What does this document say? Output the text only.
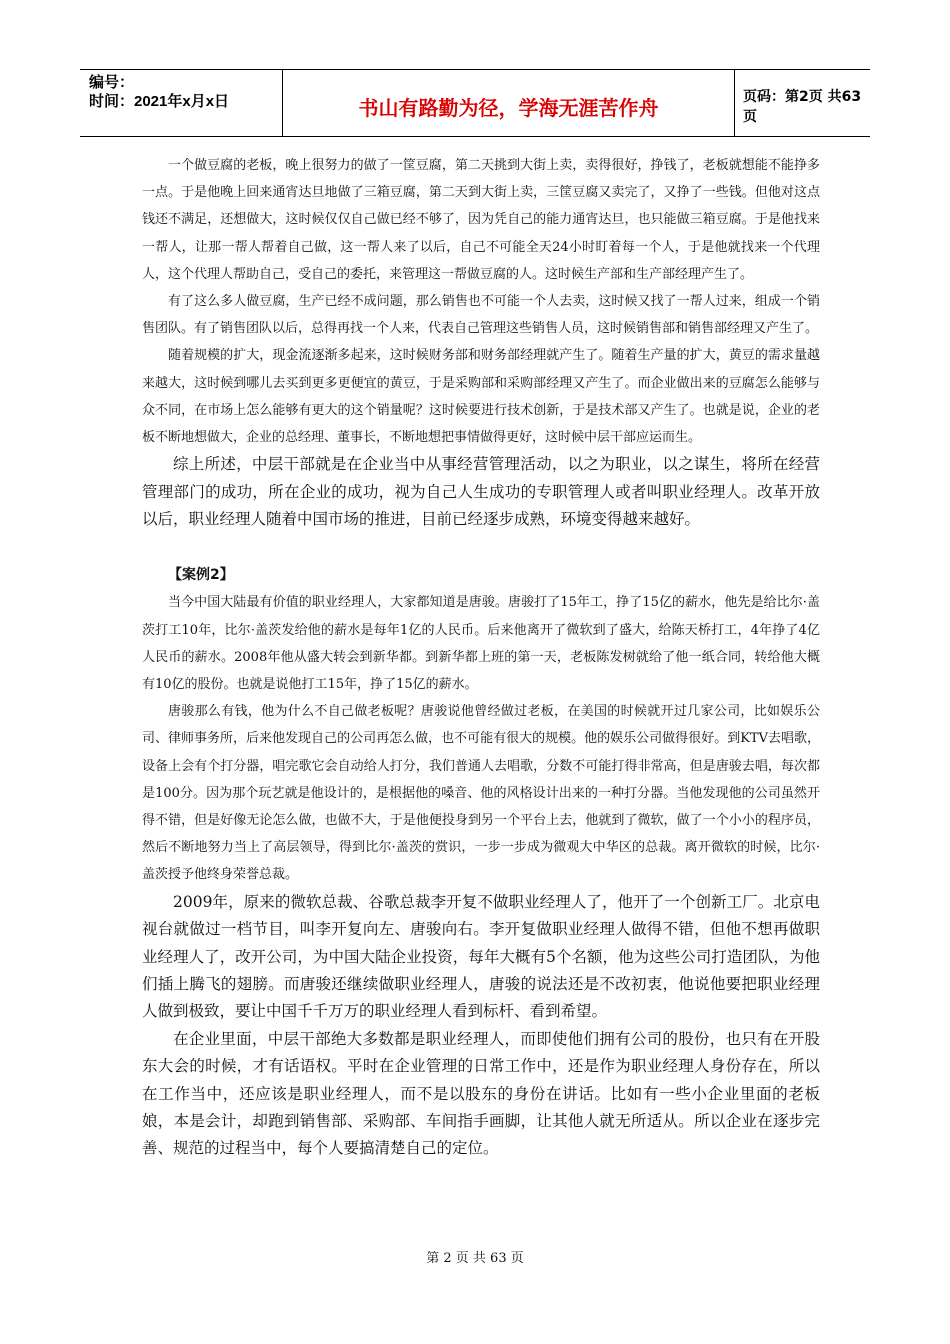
编号：
时间：2021年x月x日	书山有路勤为径，学海无涯苦作舟	页码：第2页 共63页

一个做豆腐的老板，晚上很努力的做了一筐豆腐，第二天挑到大街上卖，卖得很好，挣钱了，老板就想能不能挣多一点。于是他晚上回来通宵达旦地做了三箱豆腐，第二天到大街上卖，三筐豆腐又卖完了，又挣了一些钱。但他对这点钱还不满足，还想做大，这时候仅仅自己做已经不够了，因为凭自己的能力通宵达旦，也只能做三箱豆腐。于是他找来一帮人，让那一帮人帮着自己做，这一帮人来了以后，自己不可能全天24小时盯着每一个人，于是他就找来一个代理人，这个代理人帮助自己，受自己的委托，来管理这一帮做豆腐的人。这时候生产部和生产部经理产生了。

有了这么多人做豆腐，生产已经不成问题，那么销售也不可能一个人去卖，这时候又找了一帮人过来，组成一个销售团队。有了销售团队以后，总得再找一个人来，代表自己管理这些销售人员，这时候销售部和销售部经理又产生了。

随着规模的扩大，现金流逐渐多起来，这时候财务部和财务部经理就产生了。随着生产量的扩大，黄豆的需求量越来越大，这时候到哪儿去买到更多更便宜的黄豆，于是采购部和采购部经理又产生了。而企业做出来的豆腐怎么能够与众不同，在市场上怎么能够有更大的这个销量呢？这时候要进行技术创新，于是技术部又产生了。也就是说，企业的老板不断地想做大，企业的总经理、董事长，不断地想把事情做得更好，这时候中层干部应运而生。

综上所述，中层干部就是在企业当中从事经营管理活动，以之为职业，以之谋生，将所在经营管理部门的成功，所在企业的成功，视为自己人生成功的专职管理人或者叫职业经理人。改革开放以后，职业经理人随着中国市场的推进，目前已经逐步成熟，环境变得越来越好。

【案例2】

当今中国大陆最有价值的职业经理人，大家都知道是唐骏。唐骏打了15年工，挣了15亿的薪水，他先是给比尔·盖茨打工10年，比尔·盖茨发给他的薪水是每年1亿的人民币。后来他离开了微软到了盛大，给陈天桥打工，4年挣了4亿人民币的薪水。2008年他从盛大转会到新华都。到新华都上班的第一天，老板陈发树就给了他一纸合同，转给他大概有10亿的股份。也就是说他打工15年，挣了15亿的薪水。

唐骏那么有钱，他为什么不自己做老板呢？唐骏说他曾经做过老板，在美国的时候就开过几家公司，比如娱乐公司、律师事务所，后来他发现自己的公司再怎么做，也不可能有很大的规模。他的娱乐公司做得很好。到KTV去唱歌，设备上会有个打分器，唱完歌它会自动给人打分，我们普通人去唱歌，分数不可能打得非常高，但是唐骏去唱，每次都是100分。因为那个玩艺就是他设计的，是根据他的嗓音、他的风格设计出来的一种打分器。当他发现他的公司虽然开得不错，但是好像无论怎么做，也做不大，于是他便投身到另一个平台上去，他就到了微软，做了一个小小的程序员，然后不断地努力当上了高层领导，得到比尔·盖茨的赏识，一步一步成为微观大中华区的总裁。离开微软的时候，比尔·盖茨授予他终身荣誉总裁。

2009年，原来的微软总裁、谷歌总裁李开复不做职业经理人了，他开了一个创新工厂。北京电视台就做过一档节目，叫李开复向左、唐骏向右。李开复做职业经理人做得不错，但他不想再做职业经理人了，改开公司，为中国大陆企业投资，每年大概有5个名额，他为这些公司打造团队，为他们插上腾飞的翅膀。而唐骏还继续做职业经理人，唐骏的说法还是不改初衷，他说他要把职业经理人做到极致，要让中国千千万万的职业经理人看到标杆、看到希望。

在企业里面，中层干部绝大多数都是职业经理人，而即使他们拥有公司的股份，也只有在开股东大会的时候，才有话语权。平时在企业管理的日常工作中，还是作为职业经理人身份存在，所以在工作当中，还应该是职业经理人，而不是以股东的身份在讲话。比如有一些小企业里面的老板娘，本是会计，却跑到销售部、采购部、车间指手画脚，让其他人就无所适从。所以企业在逐步完善、规范的过程当中，每个人要搞清楚自己的定位。

第 2 页 共 63 页
